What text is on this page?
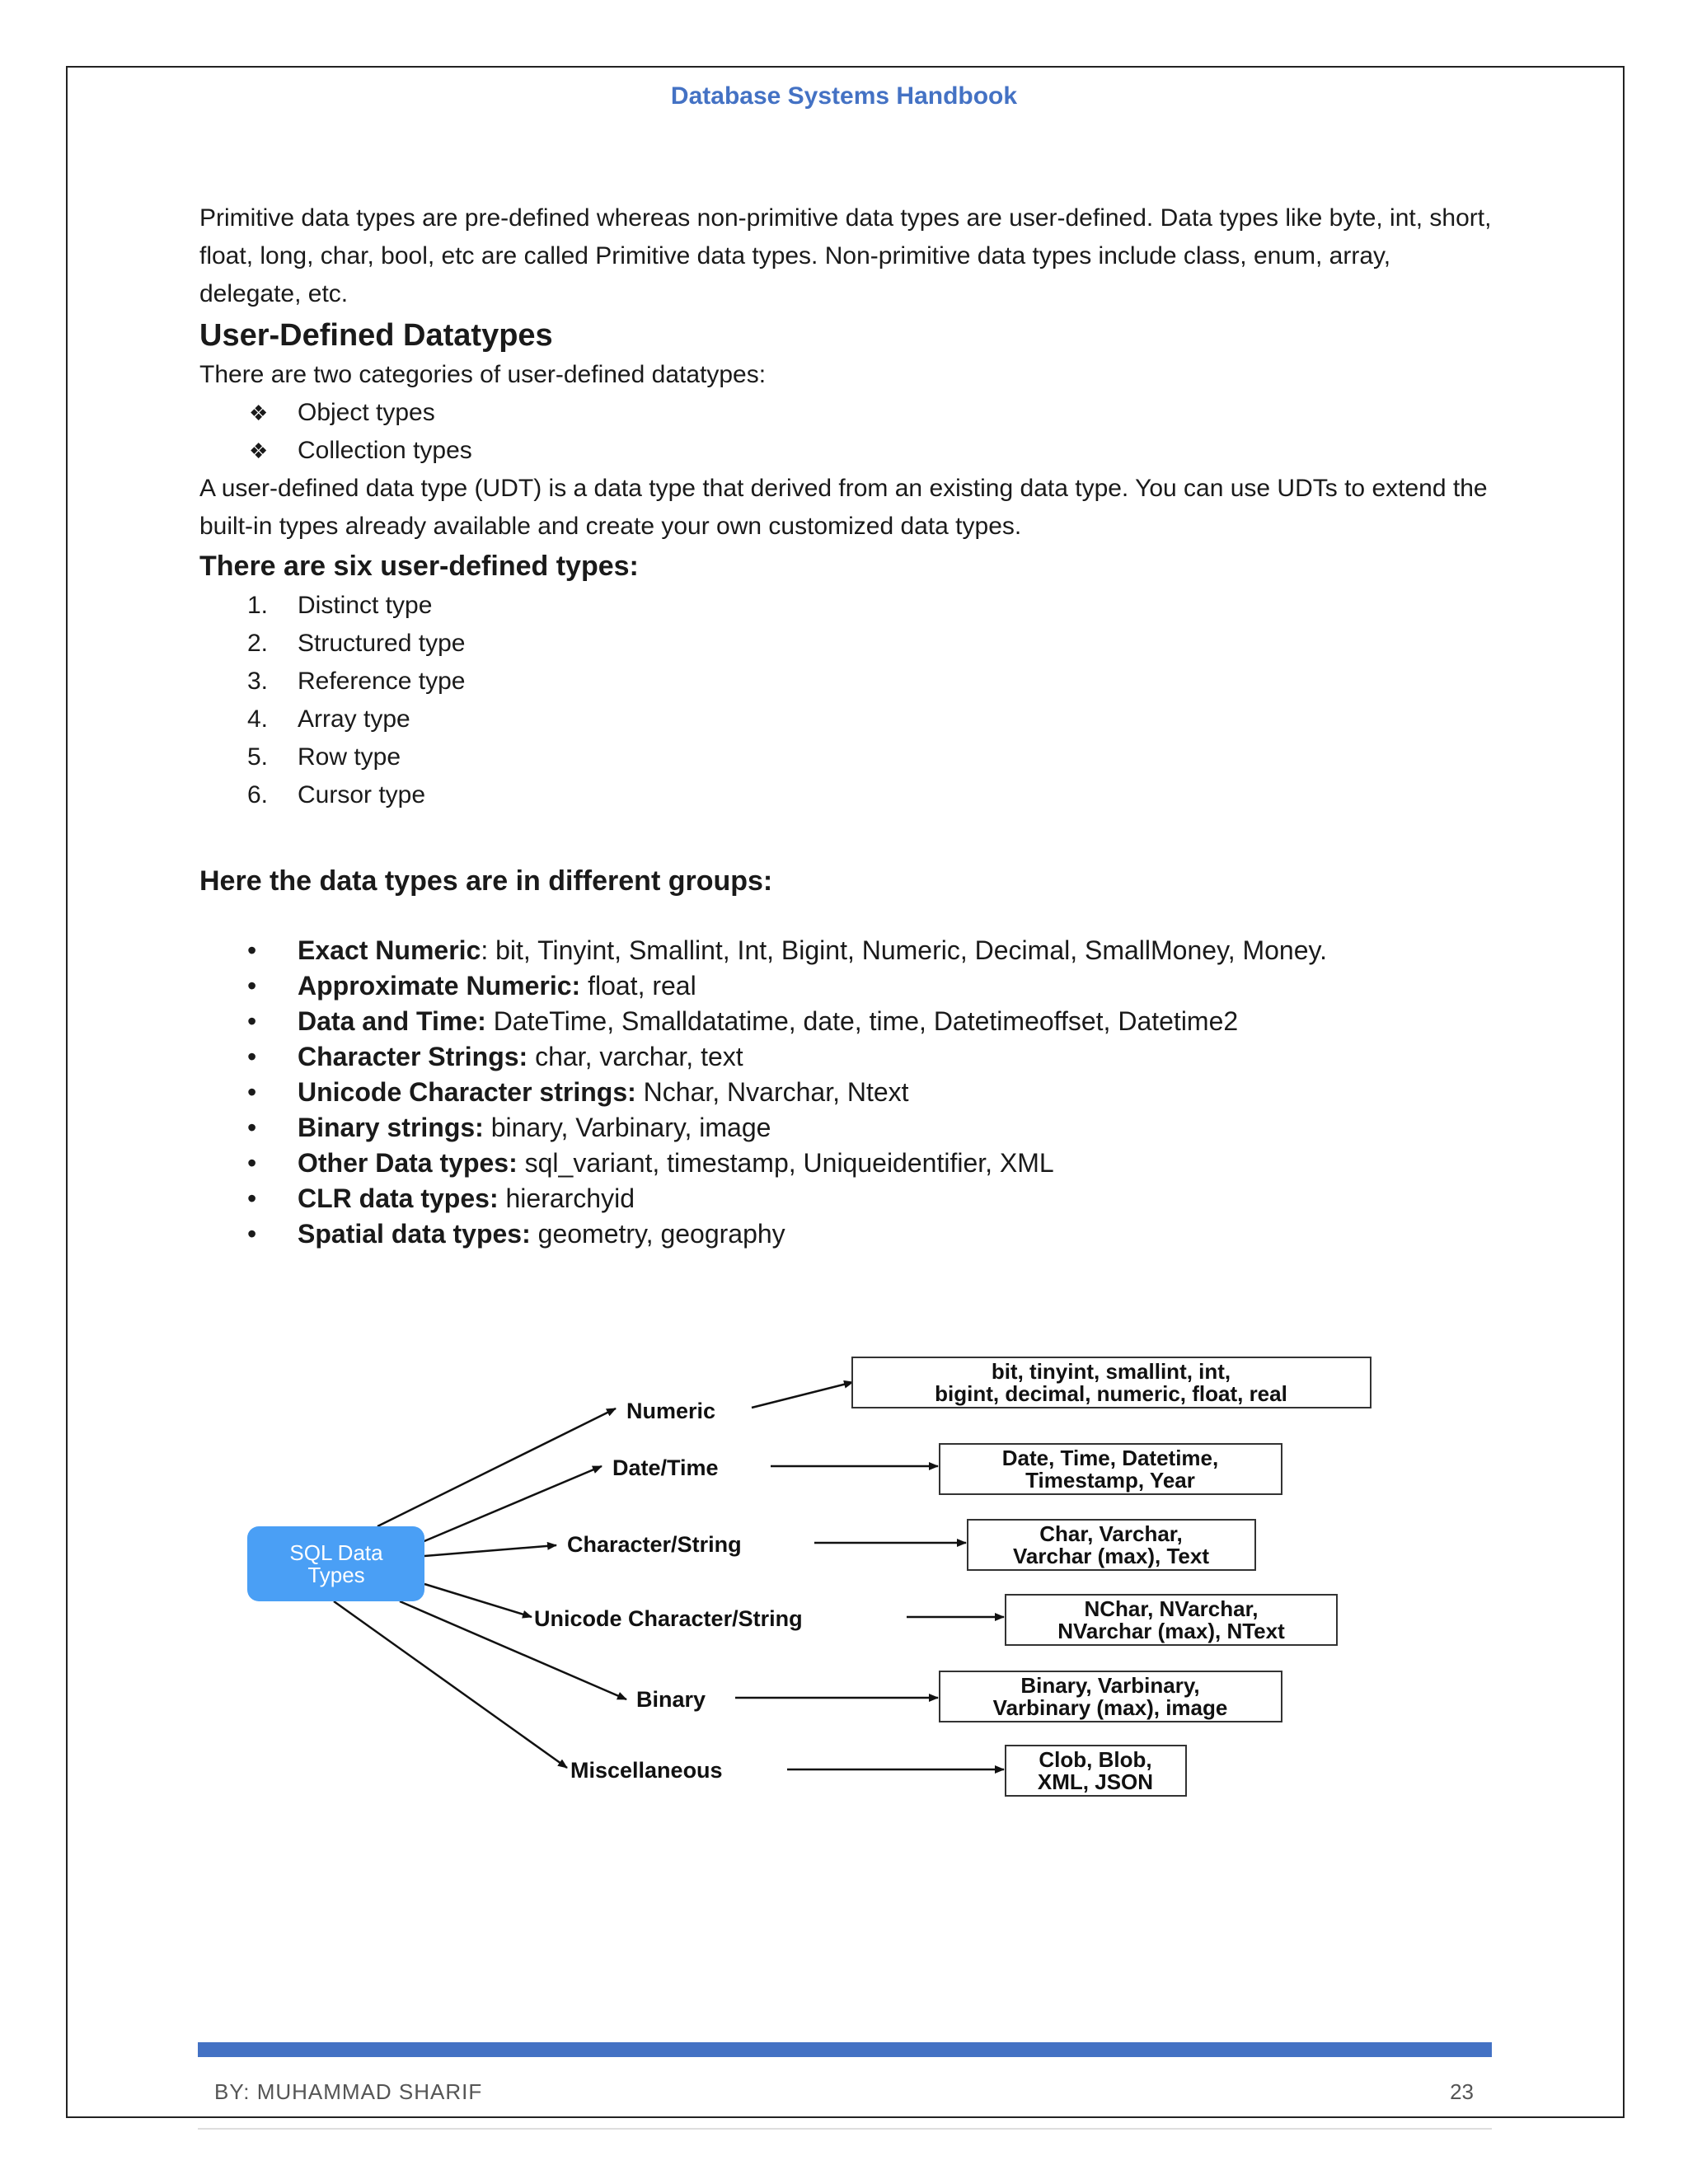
Database Systems Handbook

Primitive data types are pre-defined whereas non-primitive data types are user-defined. Data types like byte, int, short, float, long, char, bool, etc are called Primitive data types. Non-primitive data types include class, enum, array, delegate, etc.

User-Defined Datatypes

There are two categories of user-defined datatypes:

❖ Object types
❖ Collection types

A user-defined data type (UDT) is a data type that derived from an existing data type. You can use UDTs to extend the built-in types already available and create your own customized data types.

There are six user-defined types:
1. Distinct type
2. Structured type
3. Reference type
4. Array type
5. Row type
6. Cursor type
Here the data types are in different groups:
• Exact Numeric: bit, Tinyint, Smallint, Int, Bigint, Numeric, Decimal, SmallMoney, Money.
• Approximate Numeric: float, real
• Data and Time: DateTime, Smalldatatime, date, time, Datetimeoffset, Datetime2
• Character Strings: char, varchar, text
• Unicode Character strings: Nchar, Nvarchar, Ntext
• Binary strings: binary, Varbinary, image
• Other Data types: sql_variant, timestamp, Uniqueidentifier, XML
• CLR data types: hierarchyid
• Spatial data types: geometry, geography
SQL Data
Types
Numeric
Date/Time
Character/String
Unicode Character/String
Binary
Miscellaneous
bit, tinyint, smallint, int,
bigint, decimal, numeric, float, real
Date, Time, Datetime,
Timestamp, Year
Char, Varchar,
Varchar (max), Text
NChar, NVarchar,
NVarchar (max), NText
Binary, Varbinary,
Varbinary (max), image
Clob, Blob,
XML, JSON
BY: MUHAMMAD SHARIF	23
